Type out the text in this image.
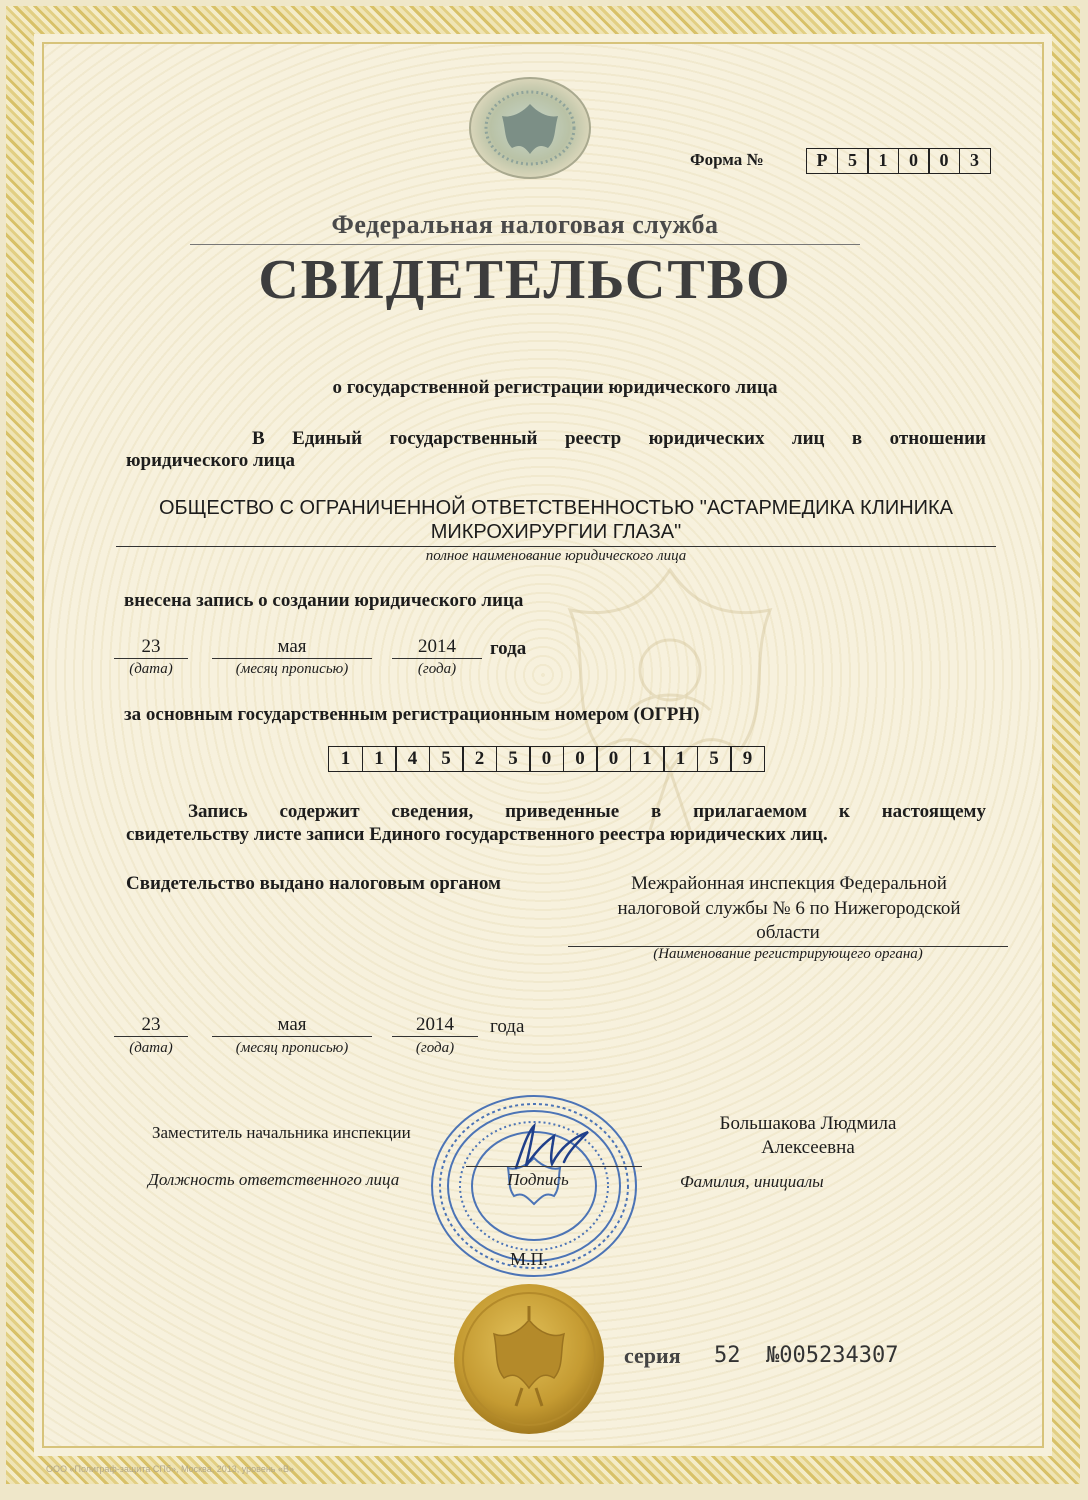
Форма №	Р	5	1	0	0	3
Федеральная налоговая служба
СВИДЕТЕЛЬСТВО
о государственной регистрации юридического лица
В Единый государственный реестр юридических лиц в отношении
юридического лица
ОБЩЕСТВО С ОГРАНИЧЕННОЙ ОТВЕТСТВЕННОСТЬЮ "АСТАРМЕДИКА КЛИНИКА
МИКРОХИРУРГИИ ГЛАЗА"
полное наименование юридического лица
внесена запись о создании юридического лица
23	мая	2014	года
(дата)	(месяц прописью)	(года)
за основным государственным регистрационным номером (ОГРН)
1	1	4	5	2	5	0	0	0	1	1	5	9
Запись содержит сведения, приведенные в прилагаемом к настоящему
свидетельству листе записи Единого государственного реестра юридических лиц.
Свидетельство выдано налоговым органом	Межрайонная инспекция Федеральной
налоговой службы № 6 по Нижегородской
области
(Наименование регистрирующего органа)
23	мая	2014	года
(дата)	(месяц прописью)	(года)
Заместитель начальника инспекции
Должность ответственного лица	Подпись
Большакова Людмила
Алексеевна
Фамилия, инициалы
М.П.
серия 52 №005234307
ООО «Полиграф-защита СПб», Москва, 2013, уровень «В»
